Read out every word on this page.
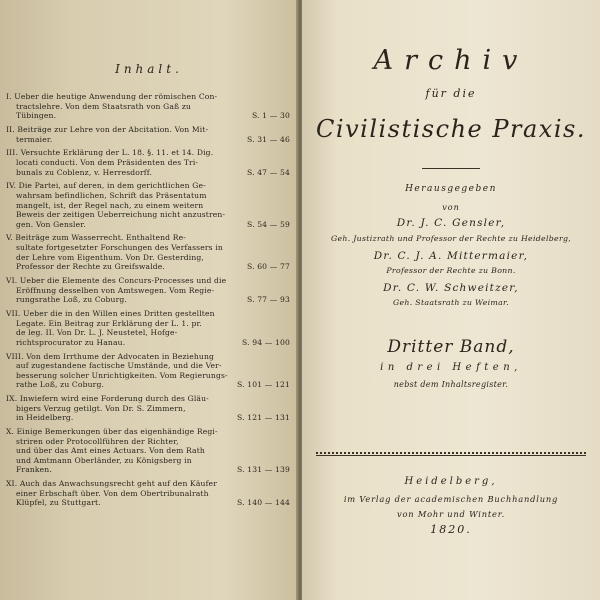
Inhalt.
I. Ueber die heutige Anwendung der römischen Con-
tractslehre. Von dem Staatsrath von Gaß zu
Tübingen.	S. 1 — 30
II. Beiträge zur Lehre von der Abcitation. Von Mit-
termaier.	S. 31 — 46
III. Versuchte Erklärung der L. 18. §. 11. et 14. Dig.
locati conducti. Von dem Präsidenten des Tri-
bunals zu Coblenz, v. Herresdorff.	S. 47 — 54
IV. Die Partei, auf deren, in dem gerichtlichen Ge-
wahrsam befindlichen, Schrift das Präsentatum
mangelt, ist, der Regel nach, zu einem weitern
Beweis der zeitigen Ueberreichung nicht anzustren-
gen. Von Gensler.	S. 54 — 59
V. Beiträge zum Wasserrecht. Enthaltend Re-
sultate fortgesetzter Forschungen des Verfassers in
der Lehre vom Eigenthum. Von Dr. Gesterding,
Professor der Rechte zu Greifswalde.	S. 60 — 77
VI. Ueber die Elemente des Concurs-Processes und die
Eröffnung desselben von Amtswegen. Vom Regie-
rungsrathe Loß, zu Coburg.	S. 77 — 93
VII. Ueber die in den Willen eines Dritten gestellten
Legate. Ein Beitrag zur Erklärung der L. 1. pr.
de leg. II. Von Dr. L. J. Neustetel, Hofge-
richtsprocurator zu Hanau.	S. 94 — 100
VIII. Von dem Irrthume der Advocaten in Beziehung
auf zugestandene factische Umstände, und die Ver-
besserung solcher Unrichtigkeiten. Vom Regierungs-
rathe Loß, zu Coburg.	S. 101 — 121
IX. Inwiefern wird eine Forderung durch des Gläu-
bigers Verzug getilgt. Von Dr. S. Zimmern,
in Heidelberg.	S. 121 — 131
X. Einige Bemerkungen über das eigenhändige Regi-
striren oder Protocollführen der Richter,
und über das Amt eines Actuars. Von dem Rath
und Amtmann Oberländer, zu Königsberg in
Franken.	S. 131 — 139
XI. Auch das Anwachsungsrecht geht auf den Käufer
einer Erbschaft über. Von dem Obertribunalrath
Klüpfel, zu Stuttgart.	S. 140 — 144
Archiv
für die
Civilistische Praxis.
Herausgegeben
von
Dr. J. C. Gensler,
Geh. Justizrath und Professor der Rechte zu Heidelberg,
Dr. C. J. A. Mittermaier,
Professor der Rechte zu Bonn.
Dr. C. W. Schweitzer,
Geh. Staatsrath zu Weimar.
Dritter Band,
in drei Heften,
nebst dem Inhaltsregister.
Heidelberg,
im Verlag der academischen Buchhandlung
von Mohr und Winter.
1820.
